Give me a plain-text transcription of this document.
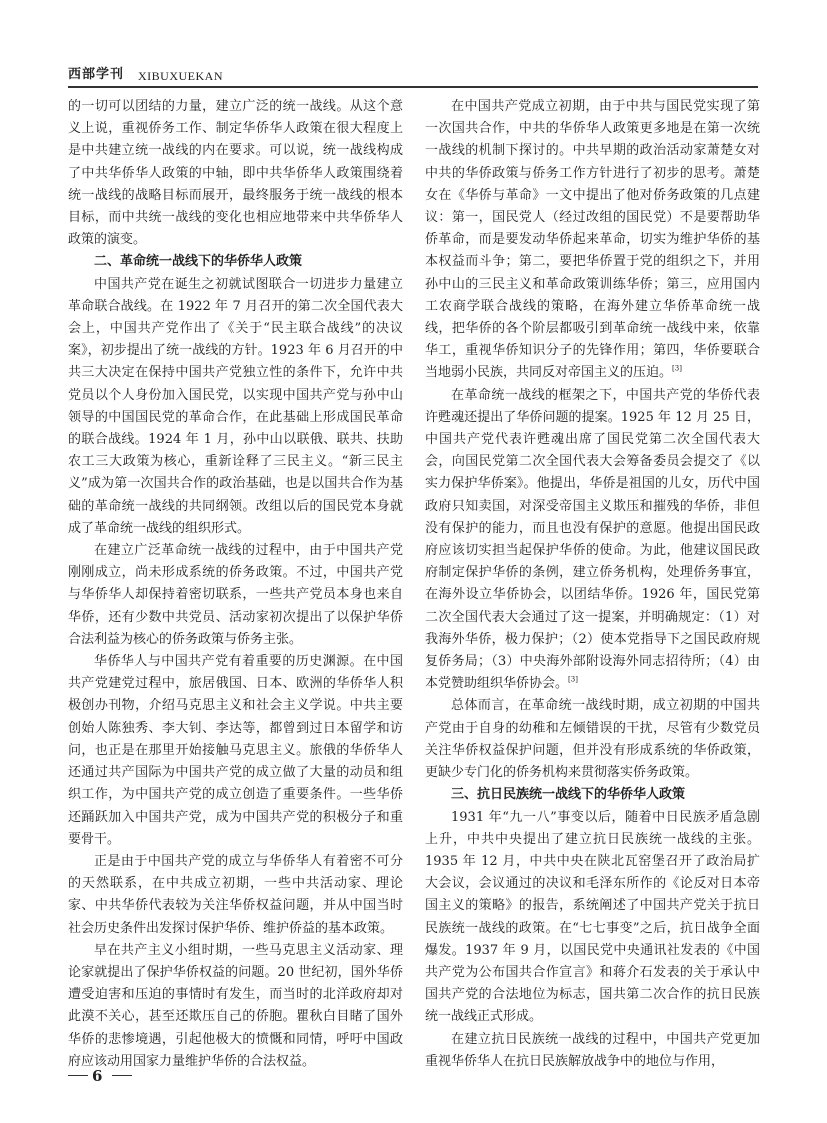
西部学刊 XIBUXUEKAN

的一切可以团结的力量，建立广泛的统一战线。从这个意义上说，重视侨务工作、制定华侨华人政策在很大程度上是中共建立统一战线的内在要求。可以说，统一战线构成了中共华侨华人政策的中轴，即中共华侨华人政策围绕着统一战线的战略目标而展开，最终服务于统一战线的根本目标，而中共统一战线的变化也相应地带来中共华侨华人政策的演变。

二、革命统一战线下的华侨华人政策

中国共产党在诞生之初就试图联合一切进步力量建立革命联合战线。在 1922 年 7 月召开的第二次全国代表大会上，中国共产党作出了《关于“民主联合战线”的决议案》，初步提出了统一战线的方针。1923 年 6 月召开的中共三大决定在保持中国共产党独立性的条件下，允许中共党员以个人身份加入国民党，以实现中国共产党与孙中山领导的中国国民党的革命合作，在此基础上形成国民革命的联合战线。1924 年 1 月，孙中山以联俄、联共、扶助农工三大政策为核心，重新诠释了三民主义。“新三民主义”成为第一次国共合作的政治基础，也是以国共合作为基础的革命统一战线的共同纲领。改组以后的国民党本身就成了革命统一战线的组织形式。

在建立广泛革命统一战线的过程中，由于中国共产党刚刚成立，尚未形成系统的侨务政策。不过，中国共产党与华侨华人却保持着密切联系，一些共产党员本身也来自华侨，还有少数中共党员、活动家初次提出了以保护华侨合法利益为核心的侨务政策与侨务主张。

华侨华人与中国共产党有着重要的历史渊源。在中国共产党建党过程中，旅居俄国、日本、欧洲的华侨华人积极创办刊物，介绍马克思主义和社会主义学说。中共主要创始人陈独秀、李大钊、李达等，都曾到过日本留学和访问，也正是在那里开始接触马克思主义。旅俄的华侨华人还通过共产国际为中国共产党的成立做了大量的动员和组织工作，为中国共产党的成立创造了重要条件。一些华侨还踊跃加入中国共产党，成为中国共产党的积极分子和重要骨干。

正是由于中国共产党的成立与华侨华人有着密不可分的天然联系，在中共成立初期，一些中共活动家、理论家、中共华侨代表较为关注华侨权益问题，并从中国当时社会历史条件出发探讨保护华侨、维护侨益的基本政策。

早在共产主义小组时期，一些马克思主义活动家、理论家就提出了保护华侨权益的问题。20 世纪初，国外华侨遭受迫害和压迫的事情时有发生，而当时的北洋政府却对此漠不关心，甚至还欺压自己的侨胞。瞿秋白目睹了国外华侨的悲惨境遇，引起他极大的愤慨和同情，呼吁中国政府应该动用国家力量维护华侨的合法权益。

在中国共产党成立初期，由于中共与国民党实现了第一次国共合作，中共的华侨华人政策更多地是在第一次统一战线的机制下探讨的。中共早期的政治活动家萧楚女对中共的华侨政策与侨务工作方针进行了初步的思考。萧楚女在《华侨与革命》一文中提出了他对侨务政策的几点建议：第一，国民党人（经过改组的国民党）不是要帮助华侨革命，而是要发动华侨起来革命，切实为维护华侨的基本权益而斗争；第二，要把华侨置于党的组织之下，并用孙中山的三民主义和革命政策训练华侨；第三，应用国内工农商学联合战线的策略，在海外建立华侨革命统一战线，把华侨的各个阶层都吸引到革命统一战线中来，依靠华工，重视华侨知识分子的先锋作用；第四，华侨要联合当地弱小民族，共同反对帝国主义的压迫。[3]

在革命统一战线的框架之下，中国共产党的华侨代表许甦魂还提出了华侨问题的提案。1925 年 12 月 25 日，中国共产党代表许甦魂出席了国民党第二次全国代表大会，向国民党第二次全国代表大会筹备委员会提交了《以实力保护华侨案》。他提出，华侨是祖国的儿女，历代中国政府只知卖国，对深受帝国主义欺压和摧残的华侨，非但没有保护的能力，而且也没有保护的意愿。他提出国民政府应该切实担当起保护华侨的使命。为此，他建议国民政府制定保护华侨的条例，建立侨务机构，处理侨务事宜，在海外设立华侨协会，以团结华侨。1926 年，国民党第二次全国代表大会通过了这一提案，并明确规定：（1）对我海外华侨，极力保护；（2）使本党指导下之国民政府规复侨务局；（3）中央海外部附设海外同志招待所；（4）由本党赞助组织华侨协会。[3]

总体而言，在革命统一战线时期，成立初期的中国共产党由于自身的幼稚和左倾错误的干扰，尽管有少数党员关注华侨权益保护问题，但并没有形成系统的华侨政策，更缺少专门化的侨务机构来贯彻落实侨务政策。

三、抗日民族统一战线下的华侨华人政策

1931 年“九一八”事变以后，随着中日民族矛盾急剧上升，中共中央提出了建立抗日民族统一战线的主张。1935 年 12 月，中共中央在陕北瓦窑堡召开了政治局扩大会议，会议通过的决议和毛泽东所作的《论反对日本帝国主义的策略》的报告，系统阐述了中国共产党关于抗日民族统一战线的政策。在“七七事变”之后，抗日战争全面爆发。1937 年 9 月，以国民党中央通讯社发表的《中国共产党为公布国共合作宣言》和蒋介石发表的关于承认中国共产党的合法地位为标志，国共第二次合作的抗日民族统一战线正式形成。

在建立抗日民族统一战线的过程中，中国共产党更加重视华侨华人在抗日民族解放战争中的地位与作用，

6
